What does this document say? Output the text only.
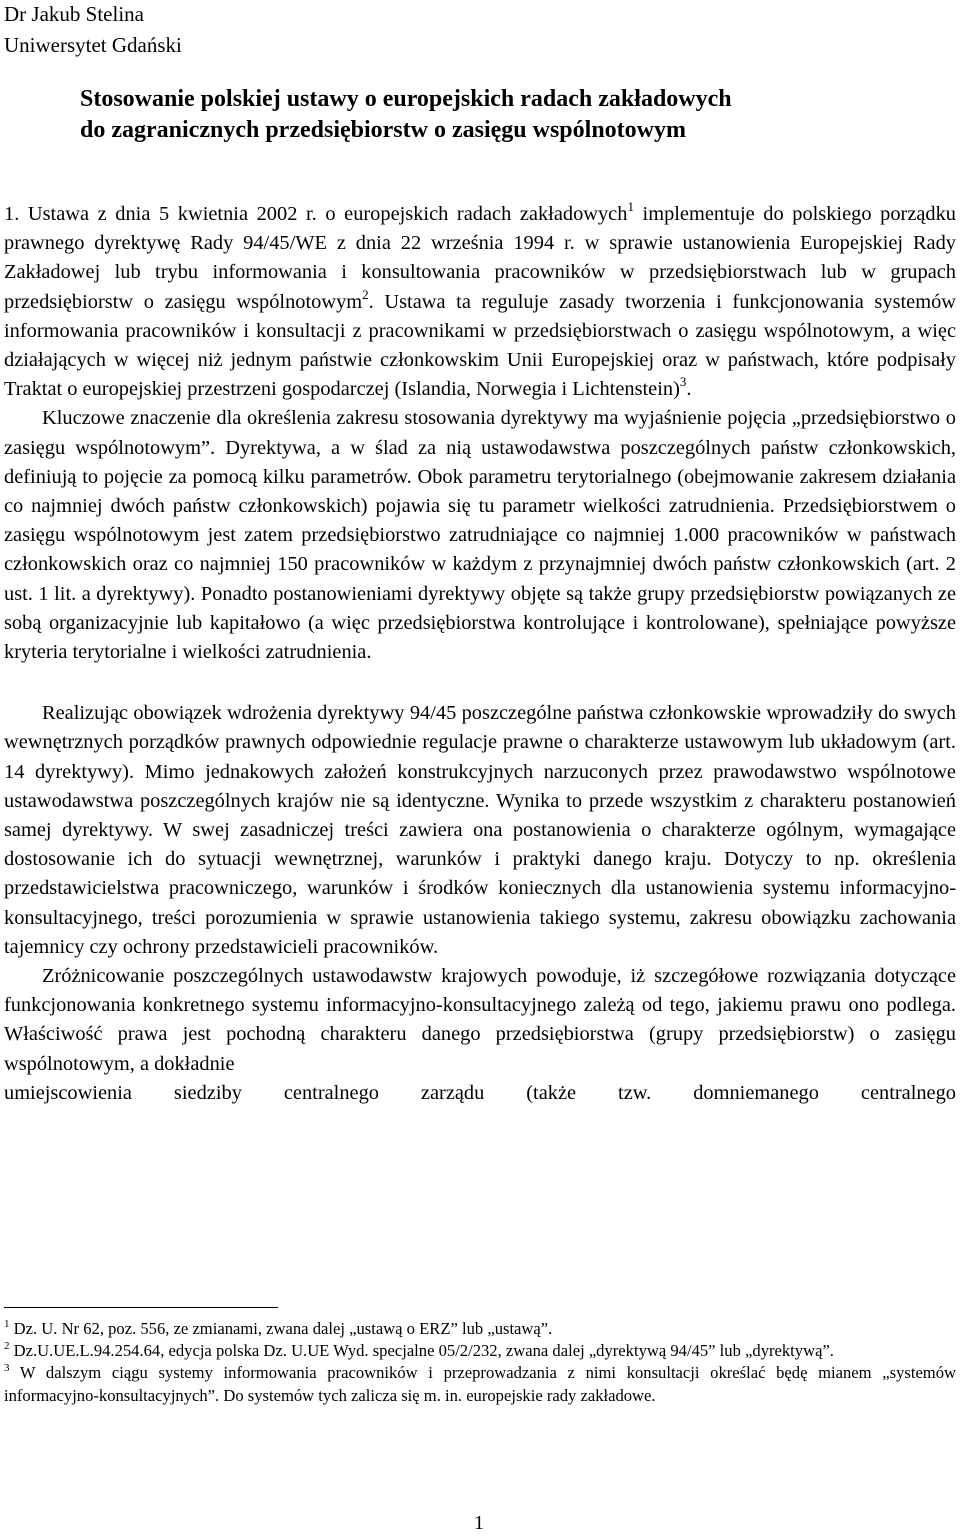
Dr Jakub Stelina
Uniwersytet Gdański
Stosowanie polskiej ustawy o europejskich radach zakładowych
do zagranicznych przedsiębiorstw o zasięgu wspólnotowym

1. Ustawa z dnia 5 kwietnia 2002 r. o europejskich radach zakładowych$^1$ implementuje do polskiego porządku prawnego dyrektywę Rady 94/45/WE z dnia 22 września 1994 r. w sprawie ustanowienia Europejskiej Rady Zakładowej lub trybu informowania i konsultowania pracowników w przedsiębiorstwach lub w grupach przedsiębiorstw o zasięgu wspólnotowym$^2$. Ustawa ta reguluje zasady tworzenia i funkcjonowania systemów informowania pracowników i konsultacji z pracownikami w przedsiębiorstwach o zasięgu wspólnotowym, a więc działających w więcej niż jednym państwie członkowskim Unii Europejskiej oraz w państwach, które podpisały Traktat o europejskiej przestrzeni gospodarczej (Islandia, Norwegia i Lichtenstein)$^3$.

Kluczowe znaczenie dla określenia zakresu stosowania dyrektywy ma wyjaśnienie pojęcia „przedsiębiorstwo o zasięgu wspólnotowym”. Dyrektywa, a w ślad za nią ustawodawstwa poszczególnych państw członkowskich, definiują to pojęcie za pomocą kilku parametrów. Obok parametru terytorialnego (obejmowanie zakresem działania co najmniej dwóch państw członkowskich) pojawia się tu parametr wielkości zatrudnienia. Przedsiębiorstwem o zasięgu wspólnotowym jest zatem przedsiębiorstwo zatrudniające co najmniej 1.000 pracowników w państwach członkowskich oraz co najmniej 150 pracowników w każdym z przynajmniej dwóch państw członkowskich (art. 2 ust. 1 lit. a dyrektywy). Ponadto postanowieniami dyrektywy objęte są także grupy przedsiębiorstw powiązanych ze sobą organizacyjnie lub kapitałowo (a więc przedsiębiorstwa kontrolujące i kontrolowane), spełniające powyższe kryteria terytorialne i wielkości zatrudnienia.

Realizując obowiązek wdrożenia dyrektywy 94/45 poszczególne państwa członkowskie wprowadziły do swych wewnętrznych porządków prawnych odpowiednie regulacje prawne o charakterze ustawowym lub układowym (art. 14 dyrektywy). Mimo jednakowych założeń konstrukcyjnych narzuconych przez prawodawstwo wspólnotowe ustawodawstwa poszczególnych krajów nie są identyczne. Wynika to przede wszystkim z charakteru postanowień samej dyrektywy. W swej zasadniczej treści zawiera ona postanowienia o charakterze ogólnym, wymagające dostosowanie ich do sytuacji wewnętrznej, warunków i praktyki danego kraju. Dotyczy to np. określenia przedstawicielstwa pracowniczego, warunków i środków koniecznych dla ustanowienia systemu informacyjno-konsultacyjnego, treści porozumienia w sprawie ustanowienia takiego systemu, zakresu obowiązku zachowania tajemnicy czy ochrony przedstawicieli pracowników.

Zróżnicowanie poszczególnych ustawodawstw krajowych powoduje, iż szczegółowe rozwiązania dotyczące funkcjonowania konkretnego systemu informacyjno-konsultacyjnego zależą od tego, jakiemu prawu ono podlega. Właściwość prawa jest pochodną charakteru danego przedsiębiorstwa (grupy przedsiębiorstw) o zasięgu wspólnotowym, a dokładnie

umiejscowienia siedziby centralnego zarządu (także tzw. domniemanego centralnego

$^1$ Dz. U. Nr 62, poz. 556, ze zmianami, zwana dalej „ustawą o ERZ” lub „ustawą”.

$^2$ Dz.U.UE.L.94.254.64, edycja polska Dz. U.UE Wyd. specjalne 05/2/232, zwana dalej „dyrektywą 94/45” lub „dyrektywą”.

$^3$ W dalszym ciągu systemy informowania pracowników i przeprowadzania z nimi konsultacji określać będę mianem „systemów informacyjno-konsultacyjnych”. Do systemów tych zalicza się m. in. europejskie rady zakładowe.

1
